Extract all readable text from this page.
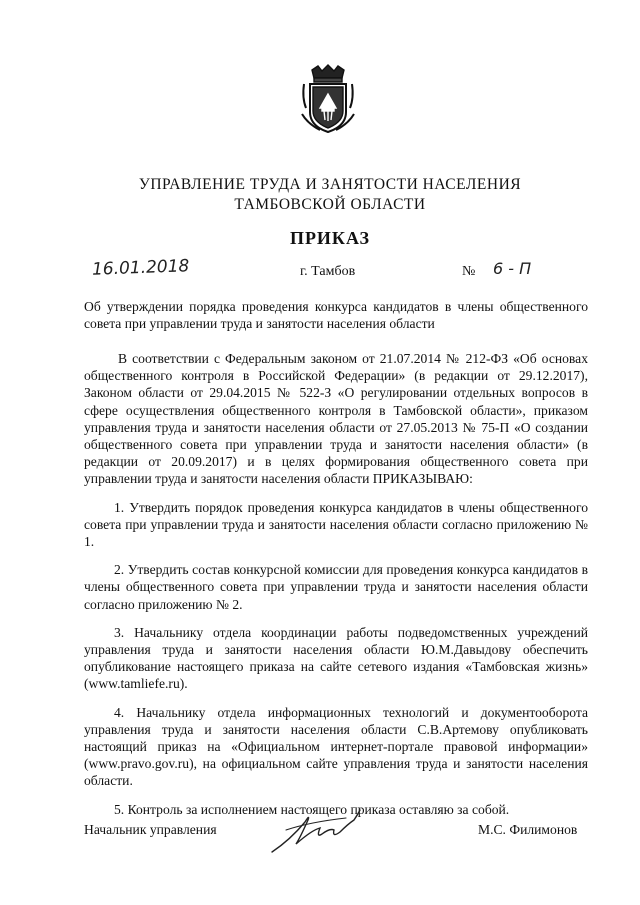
УПРАВЛЕНИЕ ТРУДА И ЗАНЯТОСТИ НАСЕЛЕНИЯ
ТАМБОВСКОЙ ОБЛАСТИ
ПРИКАЗ
16.01.2018	г. Тамбов	№ 6 - П
Об утверждении порядка проведения конкурса кандидатов в члены общественного совета при управлении труда и занятости населения области

В соответствии с Федеральным законом от 21.07.2014 № 212-ФЗ «Об основах общественного контроля в Российской Федерации» (в редакции от 29.12.2017), Законом области от 29.04.2015 № 522-З «О регулировании отдельных вопросов в сфере осуществления общественного контроля в Тамбовской области», приказом управления труда и занятости населения области от 27.05.2013 № 75-П «О создании общественного совета при управлении труда и занятости населения области» (в редакции от 20.09.2017) и в целях формирования общественного совета при управлении труда и занятости населения области ПРИКАЗЫВАЮ:

1. Утвердить порядок проведения конкурса кандидатов в члены общественного совета при управлении труда и занятости населения области согласно приложению № 1.

2. Утвердить состав конкурсной комиссии для проведения конкурса кандидатов в члены общественного совета при управлении труда и занятости населения области согласно приложению № 2.

3. Начальнику отдела координации работы подведомственных учреждений управления труда и занятости населения области Ю.М.Давыдову обеспечить опубликование настоящего приказа на сайте сетевого издания «Тамбовская жизнь» (www.tamliefe.ru).

4. Начальнику отдела информационных технологий и документооборота управления труда и занятости населения области С.В.Артемову опубликовать настоящий приказ на «Официальном интернет-портале правовой информации» (www.pravo.gov.ru), на официальном сайте управления труда и занятости населения области.

5. Контроль за исполнением настоящего приказа оставляю за собой.

Начальник управления	М.С. Филимонов
